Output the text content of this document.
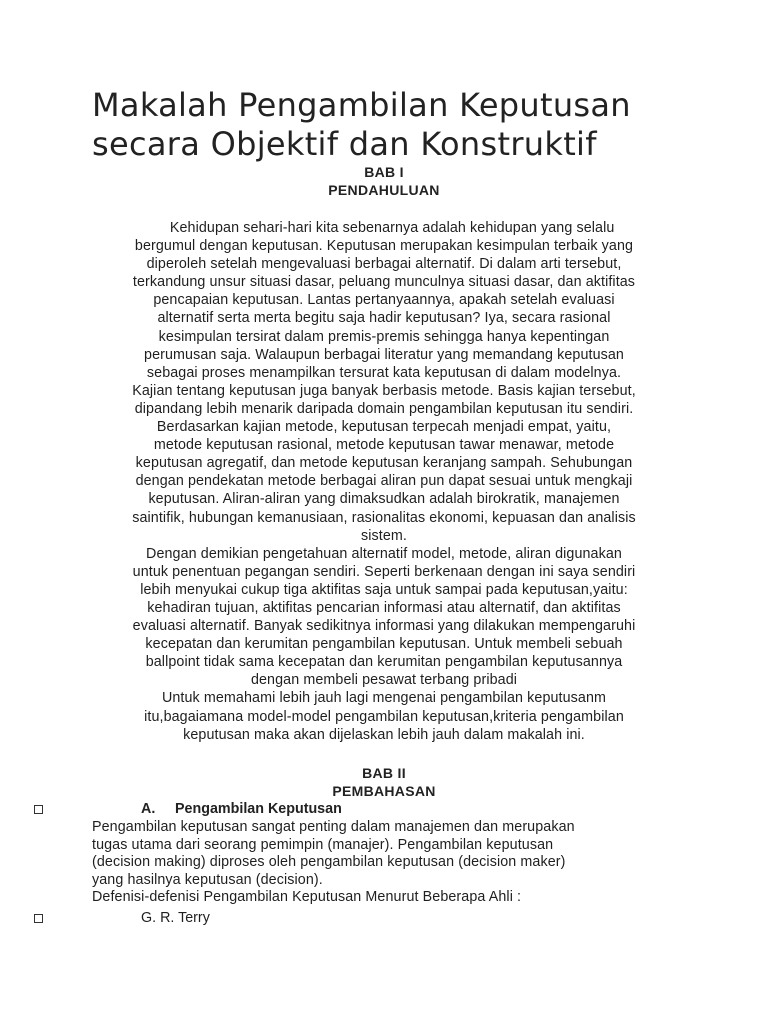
Makalah Pengambilan Keputusan
secara Objektif dan Konstruktif
BAB I
PENDAHULUAN
Kehidupan sehari-hari kita sebenarnya adalah kehidupan yang selalu
bergumul dengan keputusan. Keputusan merupakan kesimpulan terbaik yang
diperoleh setelah mengevaluasi berbagai alternatif. Di dalam arti tersebut,
terkandung unsur situasi dasar, peluang munculnya situasi dasar, dan aktifitas
pencapaian keputusan. Lantas pertanyaannya, apakah setelah evaluasi
alternatif serta merta begitu saja hadir keputusan? Iya, secara rasional
kesimpulan tersirat dalam premis-premis sehingga hanya kepentingan
perumusan saja. Walaupun berbagai literatur yang memandang keputusan
sebagai proses menampilkan tersurat kata keputusan di dalam modelnya.
Kajian tentang keputusan juga banyak berbasis metode. Basis kajian tersebut,
dipandang lebih menarik daripada domain pengambilan keputusan itu sendiri.
Berdasarkan kajian metode, keputusan terpecah menjadi empat, yaitu,
metode keputusan rasional, metode keputusan tawar menawar, metode
keputusan agregatif, dan metode keputusan keranjang sampah. Sehubungan
dengan pendekatan metode berbagai aliran pun dapat sesuai untuk mengkaji
keputusan. Aliran-aliran yang dimaksudkan adalah birokratik, manajemen
saintifik, hubungan kemanusiaan, rasionalitas ekonomi, kepuasan dan analisis
sistem.
Dengan demikian pengetahuan alternatif model, metode, aliran digunakan
untuk penentuan pegangan sendiri. Seperti berkenaan dengan ini saya sendiri
lebih menyukai cukup tiga aktifitas saja untuk sampai pada keputusan,yaitu:
kehadiran tujuan, aktifitas pencarian informasi atau alternatif, dan aktifitas
evaluasi alternatif. Banyak sedikitnya informasi yang dilakukan mempengaruhi
kecepatan dan kerumitan pengambilan keputusan. Untuk membeli sebuah
ballpoint tidak sama kecepatan dan kerumitan pengambilan keputusannya
dengan membeli pesawat terbang pribadi
Untuk memahami lebih jauh lagi mengenai pengambilan keputusanm
itu,bagaiamana model-model pengambilan keputusan,kriteria pengambilan
keputusan maka akan dijelaskan lebih jauh dalam makalah ini.
BAB II
PEMBAHASAN
A. Pengambilan Keputusan
Pengambilan keputusan sangat penting dalam manajemen dan merupakan
tugas utama dari seorang pemimpin (manajer). Pengambilan keputusan
(decision making) diproses oleh pengambilan keputusan (decision maker)
yang hasilnya keputusan (decision).
Defenisi-defenisi Pengambilan Keputusan Menurut Beberapa Ahli :
G. R. Terry
